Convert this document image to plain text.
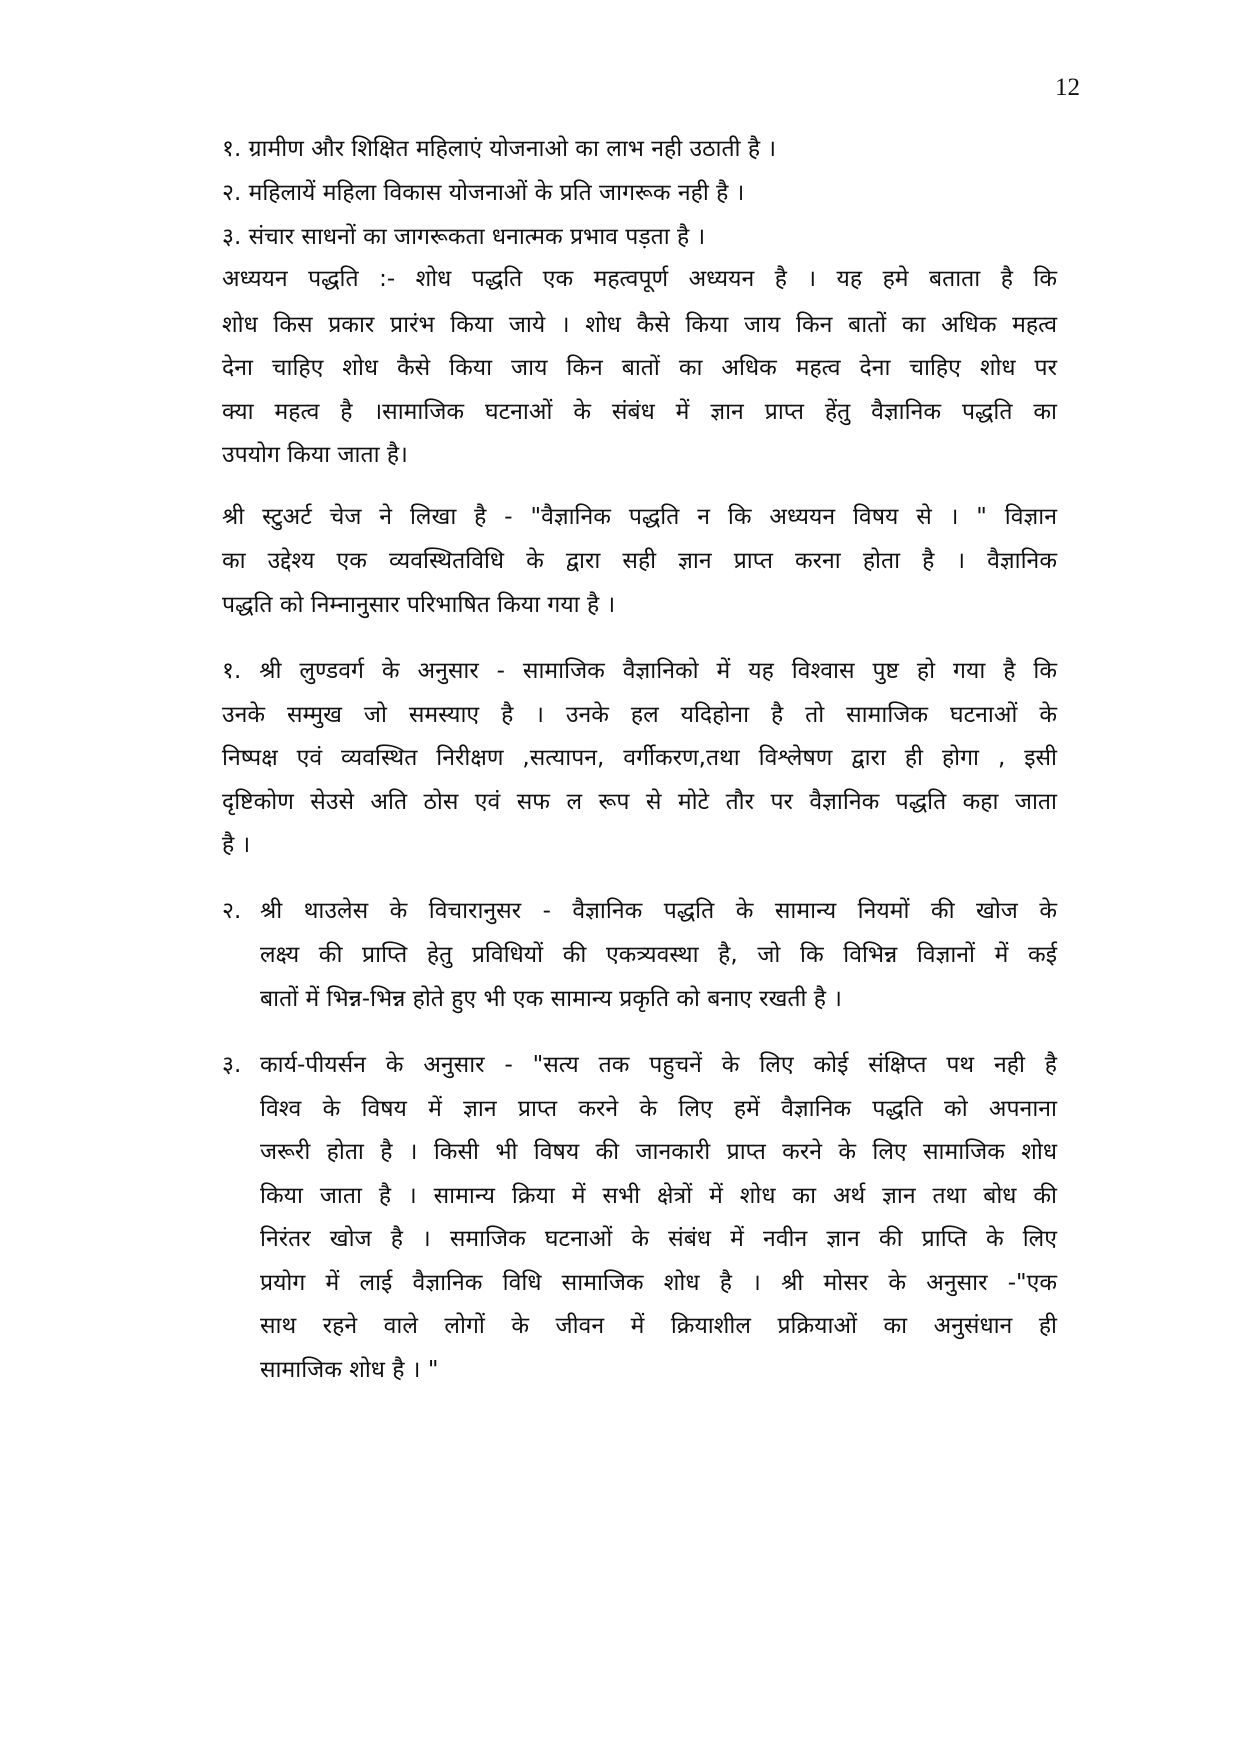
12
१. ग्रामीण और शिक्षित महिलाएं योजनाओ का लाभ नही उठाती है ।
२. महिलायें महिला विकास योजनाओं के प्रति जागरूक नही है ।
३. संचार साधनों का जागरूकता धनात्मक प्रभाव पड़ता है ।
अध्ययन पद्धति :- शोध पद्धति एक महत्वपूर्ण अध्ययन है । यह हमे बताता है कि
शोध किस प्रकार प्रारंभ किया जाये । शोध कैसे किया जाय किन बातों का अधिक महत्व
देना चाहिए शोध कैसे किया जाय किन बातों का अधिक महत्व देना चाहिए शोध पर
क्या महत्व है ।सामाजिक घटनाओं के संबंध में ज्ञान प्राप्त हेंतु वैज्ञानिक पद्धति का
उपयोग किया जाता है।
श्री स्टुअर्ट चेज ने लिखा है - "वैज्ञानिक पद्धति न कि अध्ययन विषय से । " विज्ञान
का उद्देश्य एक व्यवस्थितविधि के द्वारा सही ज्ञान प्राप्त करना होता है । वैज्ञानिक
पद्धति को निम्नानुसार परिभाषित किया गया है ।
१. श्री लुण्डवर्ग के अनुसार - सामाजिक वैज्ञानिको में यह विश्वास पुष्ट हो गया है कि
उनके सम्मुख जो समस्याए है । उनके हल यदिहोना है तो सामाजिक घटनाओं के
निष्पक्ष एवं व्यवस्थित निरीक्षण ,सत्यापन, वर्गीकरण,तथा विश्लेषण द्वारा ही होगा , इसी
दृष्टिकोण सेउसे अति ठोस एवं सफ ल रूप से मोटे तौर पर वैज्ञानिक पद्धति कहा जाता
है ।
२. श्री थाउलेस के विचारानुसर - वैज्ञानिक पद्धति के सामान्य नियमों की खोज के
लक्ष्य की प्राप्ति हेतु प्रविधियों की एकत्र्यवस्था है, जो कि विभिन्न विज्ञानों में कई
बातों में भिन्न-भिन्न होते हुए भी एक सामान्य प्रकृति को बनाए रखती है ।
३. कार्य-पीयर्सन के अनुसार - "सत्य तक पहुचनें के लिए कोई संक्षिप्त पथ नही है
विश्व के विषय में ज्ञान प्राप्त करने के लिए हमें वैज्ञानिक पद्धति को अपनाना
जरूरी होता है । किसी भी विषय की जानकारी प्राप्त करने के लिए सामाजिक शोध
किया जाता है । सामान्य क्रिया में सभी क्षेत्रों में शोध का अर्थ ज्ञान तथा बोध की
निरंतर खोज है । समाजिक घटनाओं के संबंध में नवीन ज्ञान की प्राप्ति के लिए
प्रयोग में लाई वैज्ञानिक विधि सामाजिक शोध है । श्री मोसर के अनुसार -"एक
साथ रहने वाले लोगों के जीवन में क्रियाशील प्रक्रियाओं का अनुसंधान ही
सामाजिक शोध है । "
